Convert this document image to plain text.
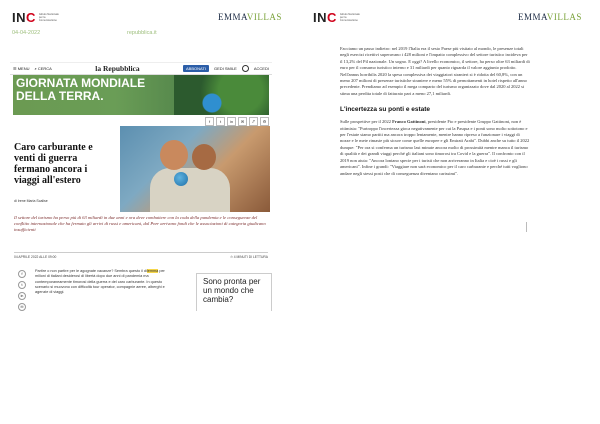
INC Istituto Nazionale per la Comunicazione	EMMAVILLAS
04-04-2022	repubblica.it
INC Istituto Nazionale per la Comunicazione	EMMAVILLAS
☰ MENU ⌕ CERCA	la Repubblica	ABBONATI	GEDI SMILE	ACCEDI
GIORNATA MONDIALE
DELLA TERRA.
f	t	in	✉	⤤	⚙
Caro carburante e venti di guerra fermano ancora i viaggi all'estero
di Irene Maria Scalise
Il settore del turismo ha perso più di 63 miliardi in due anni e ora deve combattere con la coda della pandemia e le conseguenze del conflitto internazionale che ha fermato gli arrivi di russi e americani, dal Pnrr arrivano fondi che le associazioni di categoria giudicano insufficienti
04 APRILE 2022 ALLE 09:00	⏱ 4 MINUTI DI LETTURA
f
t
in
✉
Partire o non partire per le agognate vacanze? Sembra questo il dilemma per milioni di italiani desiderosi di libertà dopo due anni di pandemia ma contemporaneamente timorosi della guerra e del caro carburante. In questo scenario si muovono con difficoltà tour operator, compagnie aeree, alberghi e agenzie di viaggi.
Sono pronta per un mondo che cambia?
Facciamo un passo indietro: nel 2019 l'Italia era il sesto Paese più visitato al mondo, le presenze totali negli esercizi ricettivi superavano i 428 milioni e l'impatto complessivo del settore turistico incideva per il 13,2% del Pil nazionale. Un sogno. E oggi? A livello economico, il settore, ha perso oltre 63 miliardi di euro per il consumo turistico interno e 31 miliardi per quanto riguarda il valore aggiunto prodotto. Nell'annus horribilis 2020 la spesa complessiva dei viaggiatori stranieri si è ridotta del 60,8%, con un meno 207 milioni di presenze turistiche straniere e meno 55% di pernottamenti in hotel rispetto all'anno precedente. Prendiamo ad esempio il mega comparto del turismo organizzato dove dal 2020 al 2022 si stima una perdita totale di fatturato pari a meno 27,1 miliardi.
L'incertezza su ponti e estate
Sulle prospettive per il 2022 Franco Gattinoni, presidente Fto e presidente Gruppo Gattinoni, non è ottimista: "Purtroppo l'incertezza gioca negativamente per cui la Pasqua e i ponti sono molto sottotono e per l'estate siamo partiti ma ancora troppo lentamente, mentre hanno ripreso a funzionare i viaggi di nozze e le mete rimaste più sicure come quelle europee e gli Emirati Arabi". Dubbi anche su tutto il 2022 dunque: "Per ora si conferma un turismo last minute ancora molto di prossimità mentre manca il turismo di qualità e dei grandi viaggi perché gli italiani sono timorosi tra Covid e la guerra". Il confronto con il 2019 non aiuta: "Ancora lontano specie per i turisti che non arriveranno in Italia e cioè i russi e gli americani". Infine i grandi: "Viaggiare non sarà economico per il caro carburante e perché tutti vogliono andare negli stessi posti che di conseguenza diventano carissimi".
